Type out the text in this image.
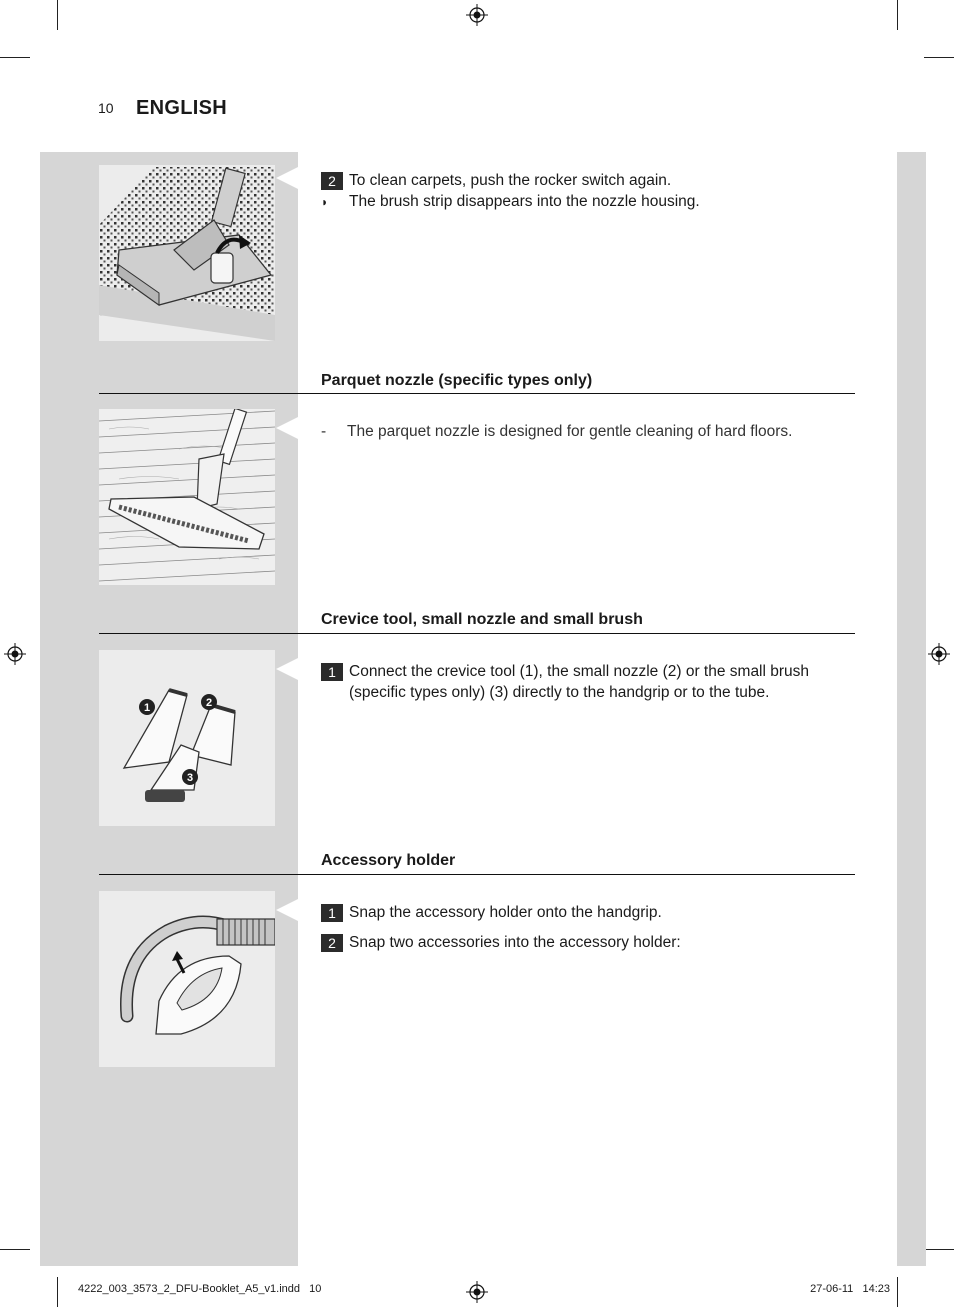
10 ENGLISH
2 To clean carpets, push the rocker switch again.
◗ The brush strip disappears into the nozzle housing.
Parquet nozzle (specific types only)
- The parquet nozzle is designed for gentle cleaning of hard floors.
Crevice tool, small nozzle and small brush
1	2
3
1 Connect the crevice tool (1), the small nozzle (2) or the small brush (specific types only) (3) directly to the handgrip or to the tube.
Accessory holder
1 Snap the accessory holder onto the handgrip.
2 Snap two accessories into the accessory holder:
4222_003_3573_2_DFU-Booklet_A5_v1.indd   10	27-06-11   14:23
